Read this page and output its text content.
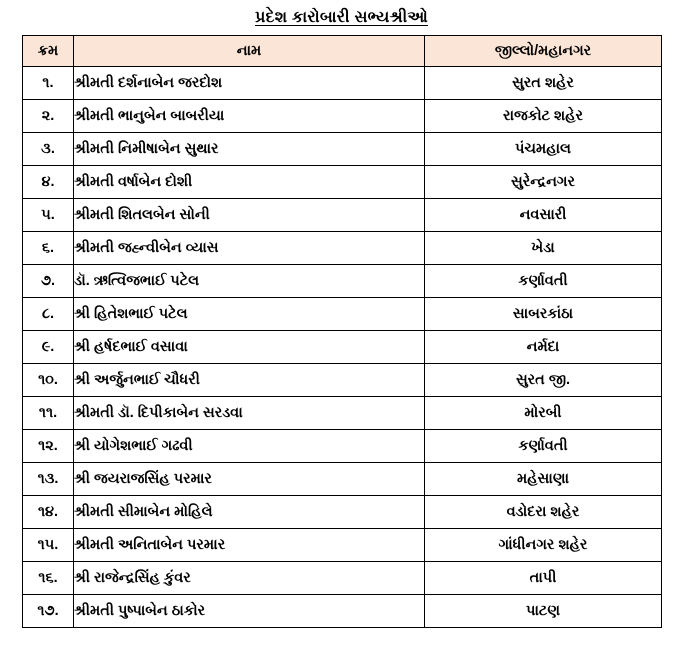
પ્રદેશ કારોબારી સભ્યશ્રીઓ
ક્રમ	નામ	જીલ્લો/મહાનગર
૧.	શ્રીમતી દર્શનાબેન જરદોશ	સુરત શહેર
૨.	શ્રીમતી ભાનુબેન બાબરીયા	રાજકોટ શહેર
૩.	શ્રીમતી નિમીષાબેન સુથાર	પંચમહાલ
૪.	શ્રીમતી વર્ષાબેન દોશી	સુરેન્દ્રનગર
૫.	શ્રીમતી શિતલબેન સોની	નવસારી
૬.	શ્રીમતી જહ્ન્વીબેન વ્યાસ	ખેડા
૭.	ડૉ. ઋત્વિજભાઈ પટેલ	કર્ણાવતી
૮.	શ્રી હિતેશભાઈ પટેલ	સાબરકાંઠા
૯.	શ્રી હર્ષદભાઈ વસાવા	નર્મદા
૧૦.	શ્રી અર્જુનભાઈ ચૌધરી	સુરત જી.
૧૧.	શ્રીમતી ડૉ. દિપીકાબેન સરડવા	મોરબી
૧૨.	શ્રી યોગેશભાઈ ગઢવી	કર્ણાવતી
૧૩.	શ્રી જયરાજસિંહ પરમાર	મહેસાણા
૧૪.	શ્રીમતી સીમાબેન મોહિલે	વડોદરા શહેર
૧૫.	શ્રીમતી અનિતાબેન પરમાર	ગાંધીનગર શહેર
૧૬.	શ્રી રાજેન્દ્રસિંહ કુંવર	તાપી
૧૭.	શ્રીમતી પુષ્પાબેન ઠાકોર	પાટણ
